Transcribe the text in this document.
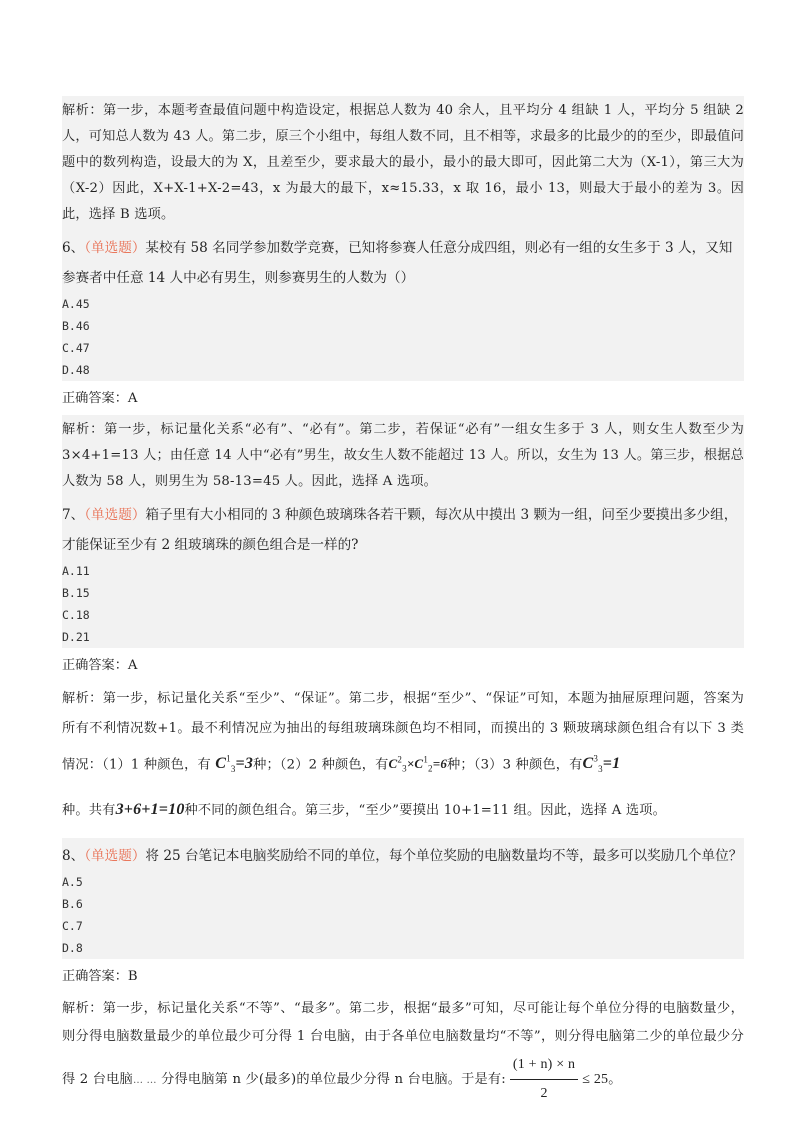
解析：第一步，本题考查最值问题中构造设定，根据总人数为 40 余人，且平均分 4 组缺 1 人，平均分 5 组缺 2 人，可知总人数为 43 人。第二步，原三个小组中，每组人数不同，且不相等，求最多的比最少的的至少，即最值问题中的数列构造，设最大的为 X，且差至少，要求最大的最小，最小的最大即可，因此第二大为（X-1），第三大为（X-2）因此，X+X-1+X-2=43，x 为最大的最下，x≈15.33，x 取 16，最小 13，则最大于最小的差为 3。因此，选择 B 选项。
6、（单选题）某校有 58 名同学参加数学竞赛，已知将参赛人任意分成四组，则必有一组的女生多于 3 人，又知参赛者中任意 14 人中必有男生，则参赛男生的人数为（）
A.45
B.46
C.47
D.48
正确答案：A
解析：第一步，标记量化关系“必有”、“必有”。第二步，若保证“必有”一组女生多于 3 人，则女生人数至少为 3×4+1=13 人；由任意 14 人中“必有”男生，故女生人数不能超过 13 人。所以，女生为 13 人。第三步，根据总人数为 58 人，则男生为 58-13=45 人。因此，选择 A 选项。
7、（单选题）箱子里有大小相同的 3 种颜色玻璃珠各若干颗，每次从中摸出 3 颗为一组，问至少要摸出多少组，才能保证至少有 2 组玻璃珠的颜色组合是一样的?
A.11
B.15
C.18
D.21
正确答案：A
解析：第一步，标记量化关系“至少”、“保证”。第二步，根据“至少”、“保证”可知，本题为抽屉原理问题，答案为所有不利情况数+1。最不利情况应为抽出的每组玻璃珠颜色均不相同，而摸出的 3 颗玻璃球颜色组合有以下 3 类情况：（1）1 种颜色，有 $C^1_3=3$种；（2）2 种颜色，有$C^2_3\times C^1_2=6$种；（3）3 种颜色，有$C^3_3=1$
种。共有3+6+1=10种不同的颜色组合。第三步，“至少”要摸出 10+1=11 组。因此，选择 A 选项。
8、（单选题）将 25 台笔记本电脑奖励给不同的单位，每个单位奖励的电脑数量均不等，最多可以奖励几个单位？
A.5
B.6
C.7
D.8
正确答案：B
解析：第一步，标记量化关系“不等”、“最多”。第二步，根据“最多”可知，尽可能让每个单位分得的电脑数量少，则分得电脑数量最少的单位最少可分得 1 台电脑，由于各单位电脑数量均“不等”，则分得电脑第二少的单位最少分得 2 台电脑… … 分得电脑第 n 少(最多)的单位最少分得 n 台电脑。于是有: $\frac{(1 + n) \times n}{2} \le 25$。
